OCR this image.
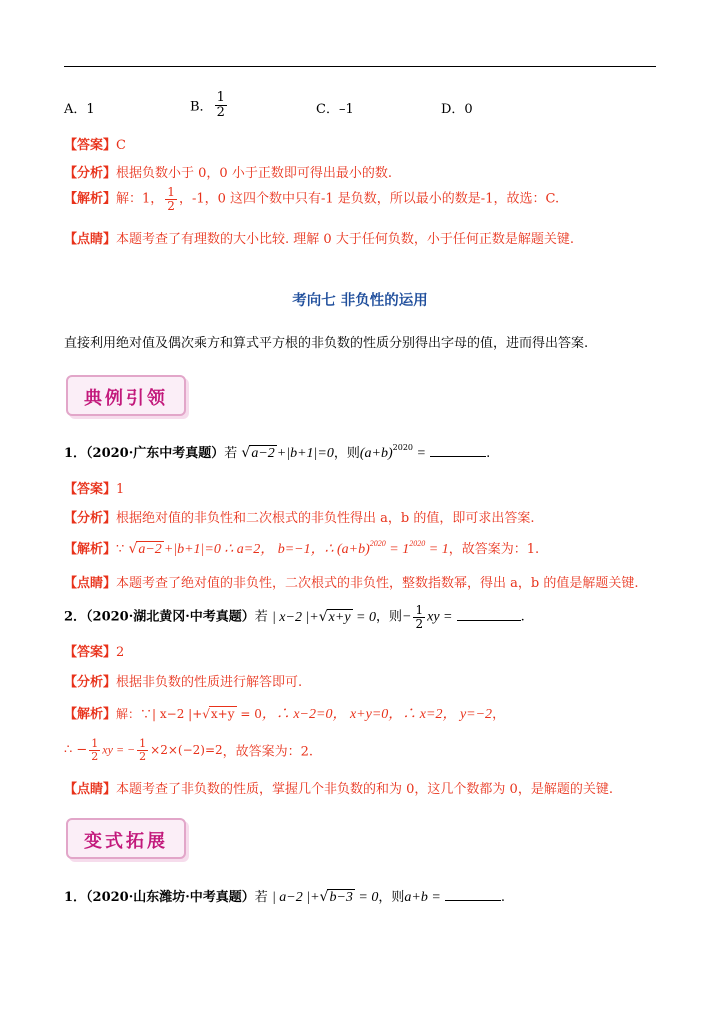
A．1	B． $\frac{1}{2}$	C．–1	D．0
【答案】C
【分析】根据负数小于 0，0 小于正数即可得出最小的数.
【解析】解：1， $\frac{1}{2}$ ，-1，0 这四个数中只有-1 是负数，所以最小的数是-1，故选：C.
【点睛】本题考查了有理数的大小比较. 理解 0 大于任何负数，小于任何正数是解题关键.
考向七 非负性的运用
直接利用绝对值及偶次乘方和算式平方根的非负数的性质分别得出字母的值，进而得出答案.
典例引领
1．（2020·广东中考真题）若 √a−2 +|b+1|=0，则$(a+b)^{2020}$ =	.
【答案】1
【分析】根据绝对值的非负性和二次根式的非负性得出 a，b 的值，即可求出答案.
【解析】∵ √a−2 +|b+1|=0 ∴ a=2， b=−1，∴ $(a+b)^{2020} = 1^{2020} = 1$，故答案为：1.
【点睛】本题考查了绝对值的非负性，二次根式的非负性，整数指数幂，得出 a，b 的值是解题关键.
2．（2020·湖北黄冈·中考真题）若 | x−2 |+√x+y = 0，则− $\frac{1}{2}$ xy =	.
【答案】2
【分析】根据非负数的性质进行解答即可.
【解析】解：∵| x−2 |+√x+y = 0，∴ x−2=0， x+y=0，∴ x=2， y=−2，
∴ − $\frac{1}{2}$ xy = − $\frac{1}{2} \times 2\times(-2)=2$，故答案为：2.
【点睛】本题考查了非负数的性质，掌握几个非负数的和为 0，这几个数都为 0，是解题的关键.
变式拓展
1．（2020·山东潍坊·中考真题）若 | a−2 |+√b−3 = 0，则a+b =	.
